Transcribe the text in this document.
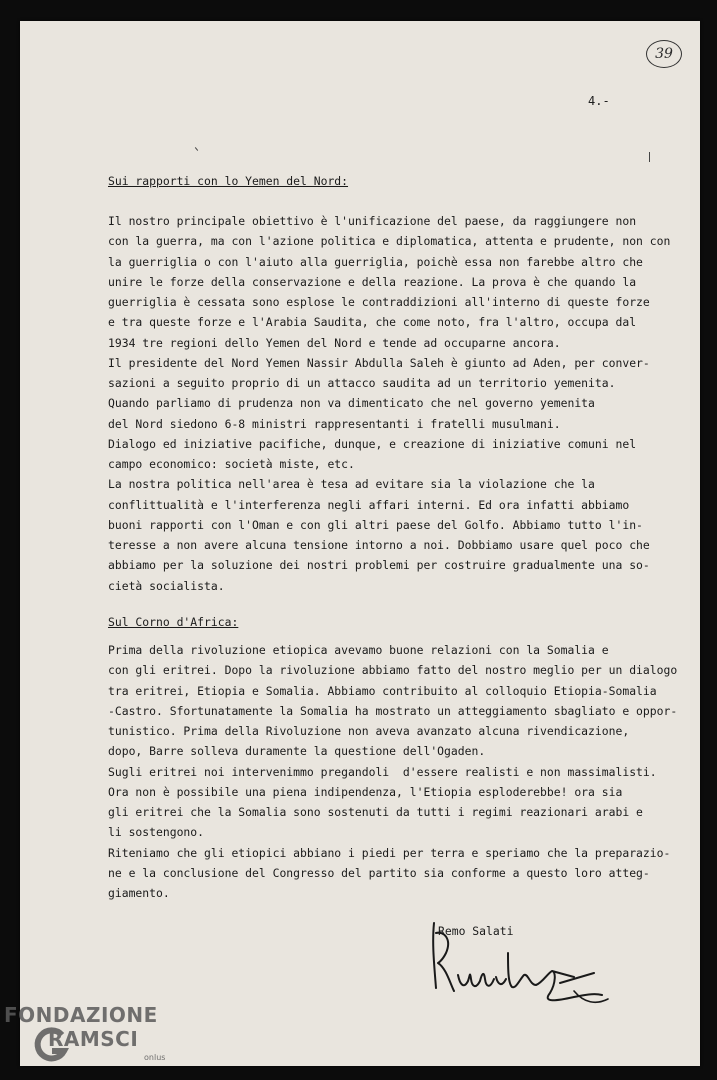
39
4.-
Sui rapporti con lo Yemen del Nord:
Il nostro principale obiettivo è l'unificazione del paese, da raggiungere non
con la guerra, ma con l'azione politica e diplomatica, attenta e prudente, non con
la guerriglia o con l'aiuto alla guerriglia, poichè essa non farebbe altro che
unire le forze della conservazione e della reazione. La prova è che quando la
guerriglia è cessata sono esplose le contraddizioni all'interno di queste forze
e tra queste forze e l'Arabia Saudita, che come noto, fra l'altro, occupa dal
1934 tre regioni dello Yemen del Nord e tende ad occuparne ancora.
Il presidente del Nord Yemen Nassir Abdulla Saleh è giunto ad Aden, per conver-
sazioni a seguito proprio di un attacco saudita ad un territorio yemenita.
Quando parliamo di prudenza non va dimenticato che nel governo yemenita
del Nord siedono 6-8 ministri rappresentanti i fratelli musulmani.
Dialogo ed iniziative pacifiche, dunque, e creazione di iniziative comuni nel
campo economico: società miste, etc.
La nostra politica nell'area è tesa ad evitare sia la violazione che la
conflittualità e l'interferenza negli affari interni. Ed ora infatti abbiamo
buoni rapporti con l'Oman e con gli altri paese del Golfo. Abbiamo tutto l'in-
teresse a non avere alcuna tensione intorno a noi. Dobbiamo usare quel poco che
abbiamo per la soluzione dei nostri problemi per costruire gradualmente una so-
cietà socialista.
Sul Corno d'Africa:
Prima della rivoluzione etiopica avevamo buone relazioni con la Somalia e
con gli eritrei. Dopo la rivoluzione abbiamo fatto del nostro meglio per un dialogo
tra eritrei, Etiopia e Somalia. Abbiamo contribuito al colloquio Etiopia-Somalia
-Castro. Sfortunatamente la Somalia ha mostrato un atteggiamento sbagliato e oppor-
tunistico. Prima della Rivoluzione non aveva avanzato alcuna rivendicazione,
dopo, Barre solleva duramente la questione dell'Ogaden.
Sugli eritrei noi intervenimmo pregandoli  d'essere realisti e non massimalisti.
Ora non è possibile una piena indipendenza, l'Etiopia esploderebbe! ora sia
gli eritrei che la Somalia sono sostenuti da tutti i regimi reazionari arabi e
li sostengono.
Riteniamo che gli etiopici abbiano i piedi per terra e speriamo che la preparazio-
ne e la conclusione del Congresso del partito sia conforme a questo loro atteg-
giamento.
Remo Salati
FONDAZIONE
RAMSCI
onlus
